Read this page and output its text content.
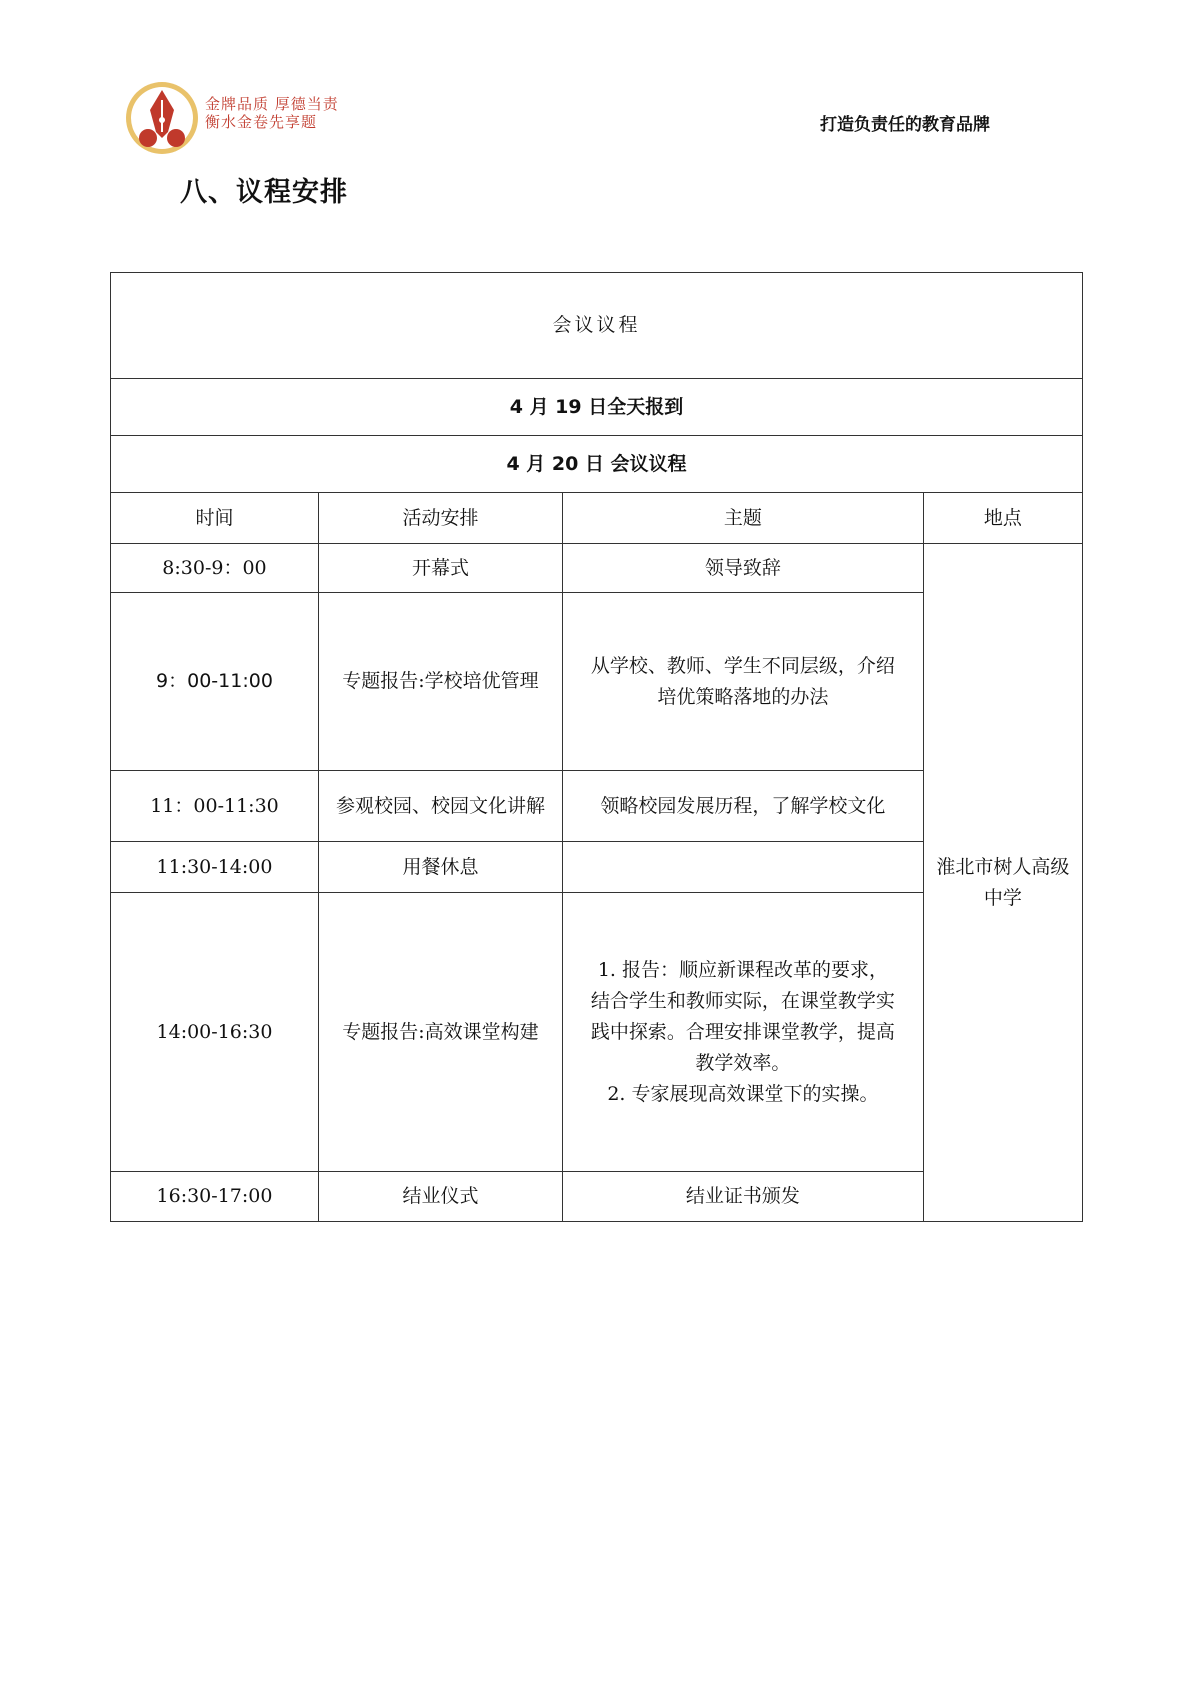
金牌品质 厚德当责
衡水金卷先享题	打造负责任的教育品牌
八、议程安排
会议议程			
4 月 19 日全天报到			
4 月 20 日 会议议程			
时间	活动安排	主题	地点
8:30-9：00	开幕式	领导致辞	淮北市树人高级中学
9：00-11:00	专题报告:学校培优管理	从学校、教师、学生不同层级，介绍
培优策略落地的办法	

11：00-11:30	参观校园、校园文化讲解	领略校园发展历程，了解学校文化	

11:30-14:00	用餐休息		

14:00-16:30	专题报告:高效课堂构建	1. 报告：顺应新课程改革的要求，
结合学生和教师实际，在课堂教学实
践中探索。合理安排课堂教学，提高
教学效率。
2. 专家展现高效课堂下的实操。	

16:30-17:00	结业仪式	结业证书颁发	
